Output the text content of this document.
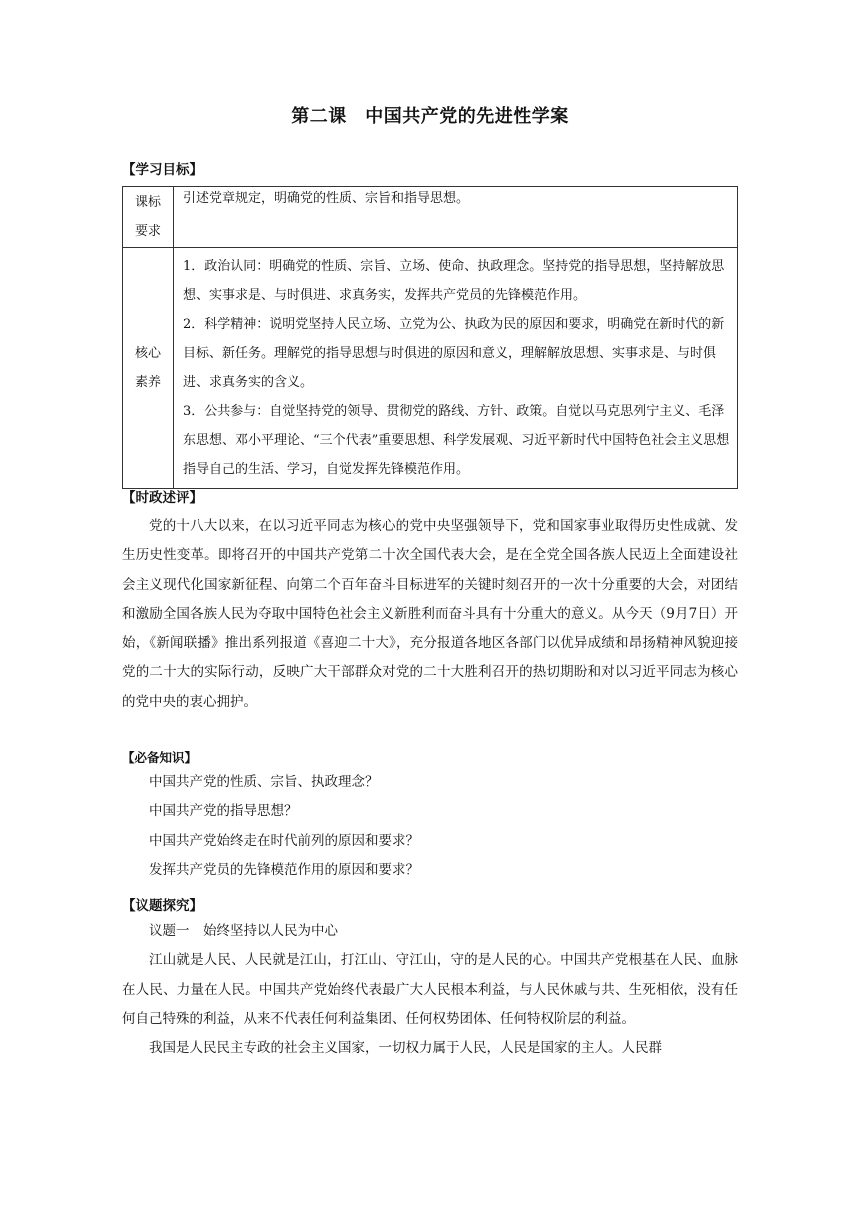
第二课　中国共产党的先进性学案
【学习目标】
课标要求	引述党章规定，明确党的性质、宗旨和指导思想。

核心素养	1．政治认同：明确党的性质、宗旨、立场、使命、执政理念。坚持党的指导思想，坚持解放思想、实事求是、与时俱进、求真务实，发挥共产党员的先锋模范作用。
2．科学精神：说明党坚持人民立场、立党为公、执政为民的原因和要求，明确党在新时代的新目标、新任务。理解党的指导思想与时俱进的原因和意义，理解解放思想、实事求是、与时俱进、求真务实的含义。
3．公共参与：自觉坚持党的领导、贯彻党的路线、方针、政策。自觉以马克思列宁主义、毛泽东思想、邓小平理论、“三个代表”重要思想、科学发展观、习近平新时代中国特色社会主义思想指导自己的生活、学习，自觉发挥先锋模范作用。
【时政述评】

党的十八大以来，在以习近平同志为核心的党中央坚强领导下，党和国家事业取得历史性成就、发生历史性变革。即将召开的中国共产党第二十次全国代表大会，是在全党全国各族人民迈上全面建设社会主义现代化国家新征程、向第二个百年奋斗目标进军的关键时刻召开的一次十分重要的大会，对团结和激励全国各族人民为夺取中国特色社会主义新胜利而奋斗具有十分重大的意义。从今天（9月7日）开始，《新闻联播》推出系列报道《喜迎二十大》，充分报道各地区各部门以优异成绩和昂扬精神风貌迎接党的二十大的实际行动，反映广大干部群众对党的二十大胜利召开的热切期盼和对以习近平同志为核心的党中央的衷心拥护。

【必备知识】
中国共产党的性质、宗旨、执政理念？
中国共产党的指导思想？
中国共产党始终走在时代前列的原因和要求？
发挥共产党员的先锋模范作用的原因和要求？
【议题探究】

议题一　始终坚持以人民为中心

江山就是人民、人民就是江山，打江山、守江山，守的是人民的心。中国共产党根基在人民、血脉在人民、力量在人民。中国共产党始终代表最广大人民根本利益，与人民休戚与共、生死相依，没有任何自己特殊的利益，从来不代表任何利益集团、任何权势团体、任何特权阶层的利益。

我国是人民民主专政的社会主义国家，一切权力属于人民，人民是国家的主人。人民群
